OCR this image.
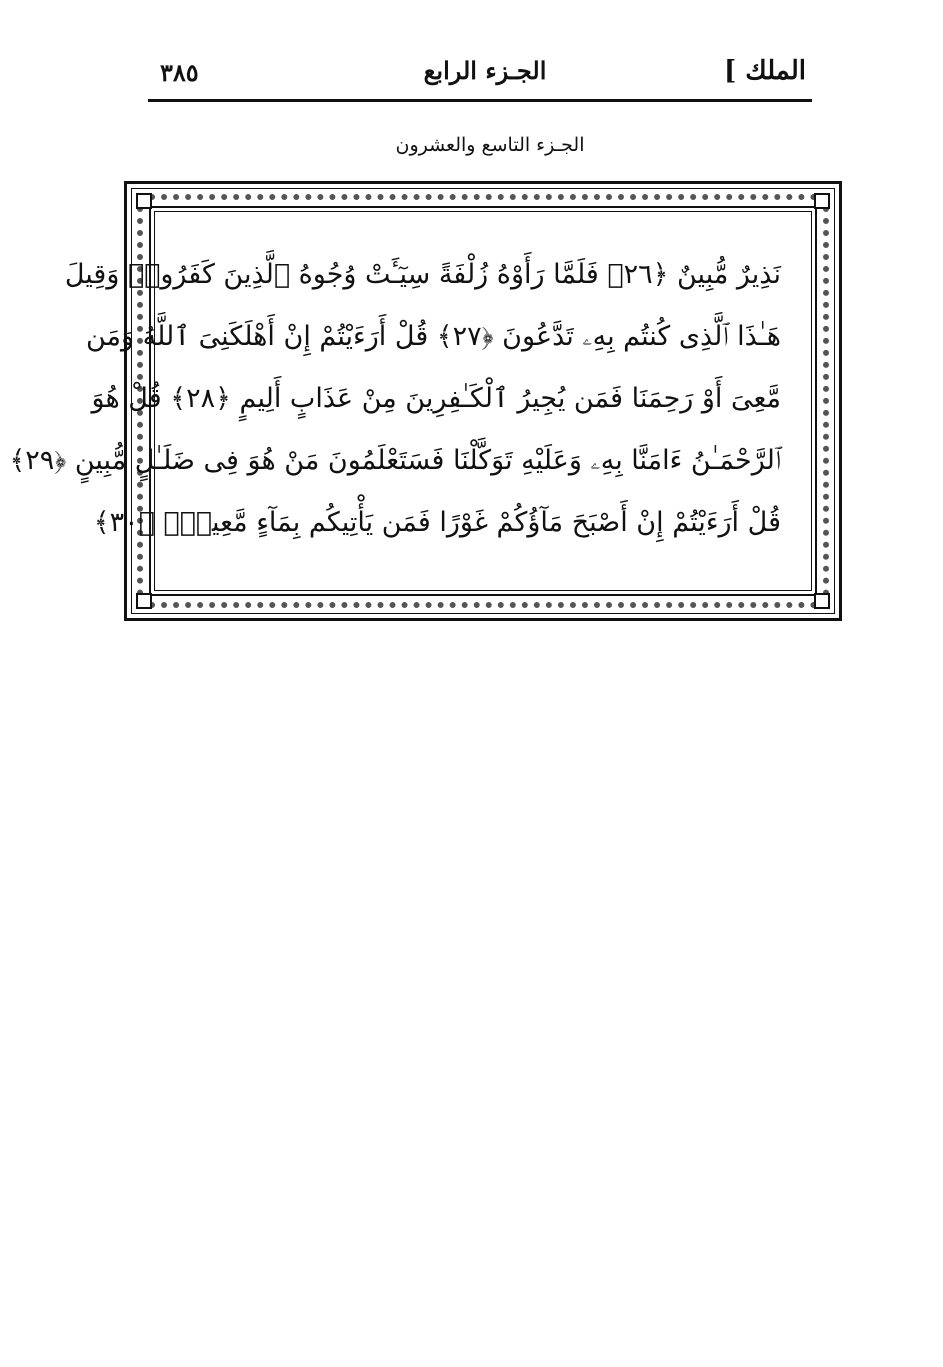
الملك ]
الجـزء الرابع
٣٨٥
الجـزء التاسع والعشرون
نَذِيرٌ مُّبِينٌ ﴿٢٦﴾ فَلَمَّا رَأَوْهُ زُلْفَةً سِيٓـَٔتْ وُجُوهُ ٱلَّذِينَ كَفَرُوا۟ وَقِيلَ
هَـٰذَا ٱلَّذِى كُنتُم بِهِۦ تَدَّعُونَ ﴿٢٧﴾ قُلْ أَرَءَيْتُمْ إِنْ أَهْلَكَنِىَ ٱللَّهُ وَمَن
مَّعِىَ أَوْ رَحِمَنَا فَمَن يُجِيرُ ٱلْكَـٰفِرِينَ مِنْ عَذَابٍ أَلِيمٍ ﴿٢٨﴾ قُلْ هُوَ
ٱلرَّحْمَـٰنُ ءَامَنَّا بِهِۦ وَعَلَيْهِ تَوَكَّلْنَا فَسَتَعْلَمُونَ مَنْ هُوَ فِى ضَلَـٰلٍ مُّبِينٍ ﴿٢٩﴾
قُلْ أَرَءَيْتُمْ إِنْ أَصْبَحَ مَآؤُكُمْ غَوْرًا فَمَن يَأْتِيكُم بِمَآءٍ مَّعِينٍۭ ﴿٣٠﴾
